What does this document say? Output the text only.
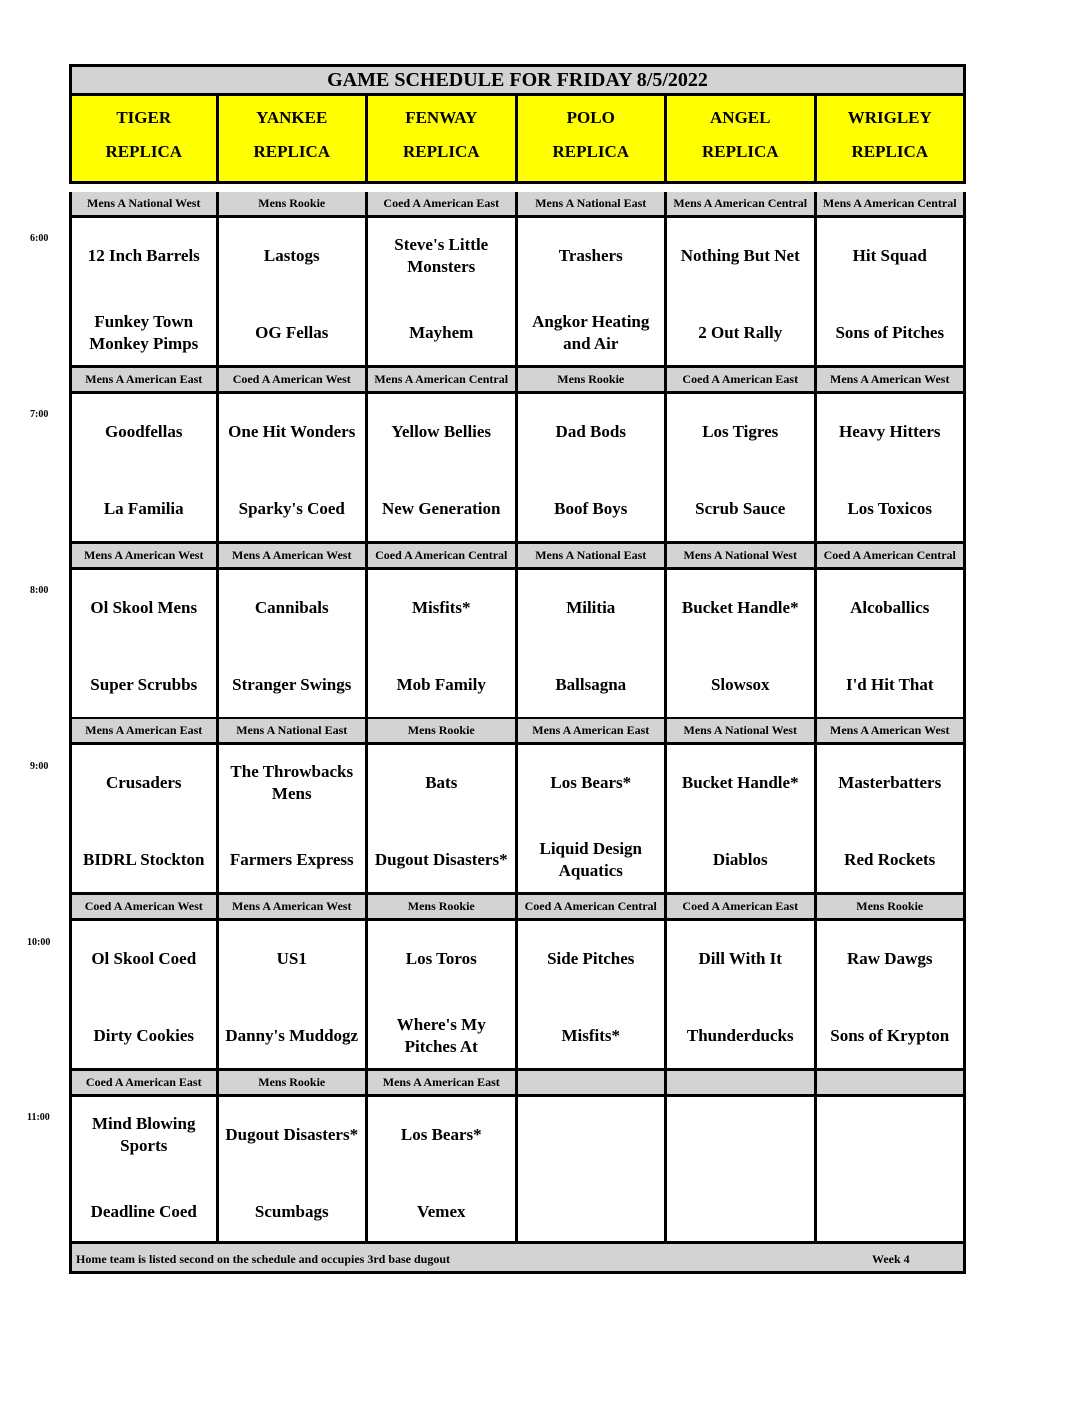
6:00
7:00
8:00
9:00
10:00
11:00
GAME SCHEDULE FOR FRIDAY 8/5/2022
TIGER
REPLICA
YANKEE
REPLICA
FENWAY
REPLICA
POLO
REPLICA
ANGEL
REPLICA
WRIGLEY
REPLICA
Mens A National West
12 Inch Barrels
Funkey Town Monkey Pimps
Mens Rookie
Lastogs
OG Fellas
Coed A American East
Steve's Little Monsters
Mayhem
Mens A National East
Trashers
Angkor Heating and Air
Mens A American Central
Nothing But Net
2 Out Rally
Mens A American Central
Hit Squad
Sons of Pitches
Mens A American East
Goodfellas
La Familia
Coed A American West
One Hit Wonders
Sparky's Coed
Mens A American Central
Yellow Bellies
New Generation
Mens Rookie
Dad Bods
Boof Boys
Coed A American East
Los Tigres
Scrub Sauce
Mens A American West
Heavy Hitters
Los Toxicos
Mens A American West
Ol Skool Mens
Super Scrubbs
Mens A American West
Cannibals
Stranger Swings
Coed A American Central
Misfits*
Mob Family
Mens A National East
Militia
Ballsagna
Mens A National West
Bucket Handle*
Slowsox
Coed A American Central
Alcoballics
I'd Hit That
Mens A American East
Crusaders
BIDRL Stockton
Mens A National East
The Throwbacks Mens
Farmers Express
Mens Rookie
Bats
Dugout Disasters*
Mens A American East
Los Bears*
Liquid Design Aquatics
Mens A National West
Bucket Handle*
Diablos
Mens A American West
Masterbatters
Red Rockets
Coed A American West
Ol Skool Coed
Dirty Cookies
Mens A American West
US1
Danny's Muddogz
Mens Rookie
Los Toros
Where's My Pitches At
Coed A American Central
Side Pitches
Misfits*
Coed A American East
Dill With It
Thunderducks
Mens Rookie
Raw Dawgs
Sons of Krypton
Coed A American East
Mind Blowing Sports
Deadline Coed
Mens Rookie
Dugout Disasters*
Scumbags
Mens A American East
Los Bears*
Vemex
Home team is listed second on the schedule and occupies 3rd base dugout	Week 4
